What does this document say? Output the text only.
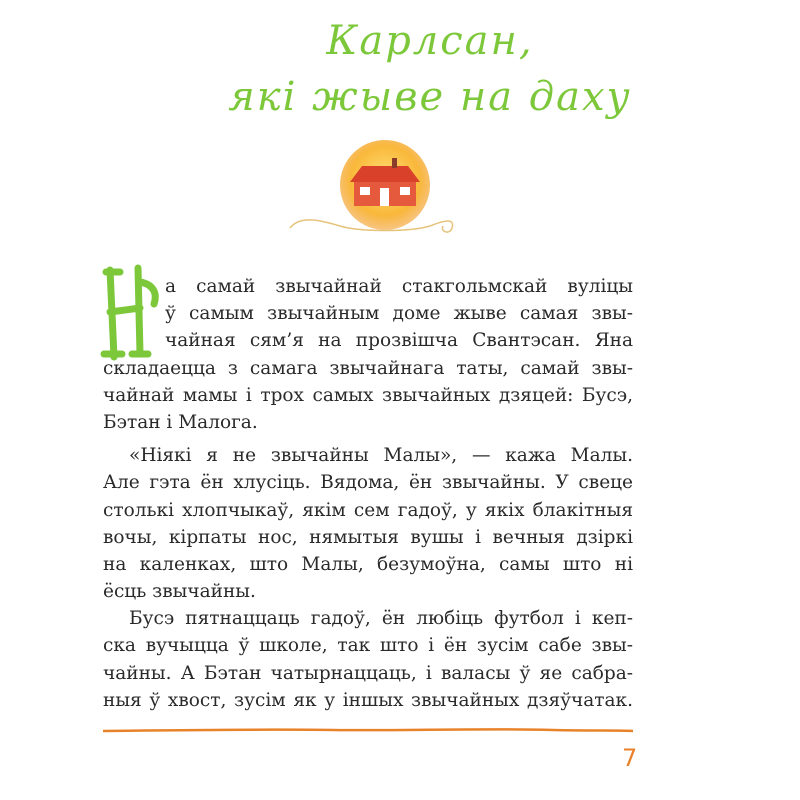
Карлсан,
які жыве на даху
а самай звычайнай стакгольмскай вуліцы
ў самым звычайным доме жыве самая звы-
чайная сям’я на прозвішча Свантэсан. Яна
складаецца з самага звычайнага таты, самай звы-
чайнай мамы і трох самых звычайных дзяцей: Бусэ,
Бэтан і Малога.
«Ніякі я не звычайны Малы», — кажа Малы.
Але гэта ён хлусіць. Вядома, ён звычайны. У свеце
столькі хлопчыкаў, якім сем гадоў, у якіх блакітныя
вочы, кірпаты нос, нямытыя вушы і вечныя дзіркі
на каленках, што Малы, безумоўна, самы што ні
ёсць звычайны.
Бусэ пятнаццаць гадоў, ён любіць футбол і кеп-
ска вучыцца ў школе, так што і ён зусім сабе звы-
чайны. А Бэтан чатырнаццаць, і валасы ў яе сабра-
ныя ў хвост, зусім як у іншых звычайных дзяўчатак.
7
